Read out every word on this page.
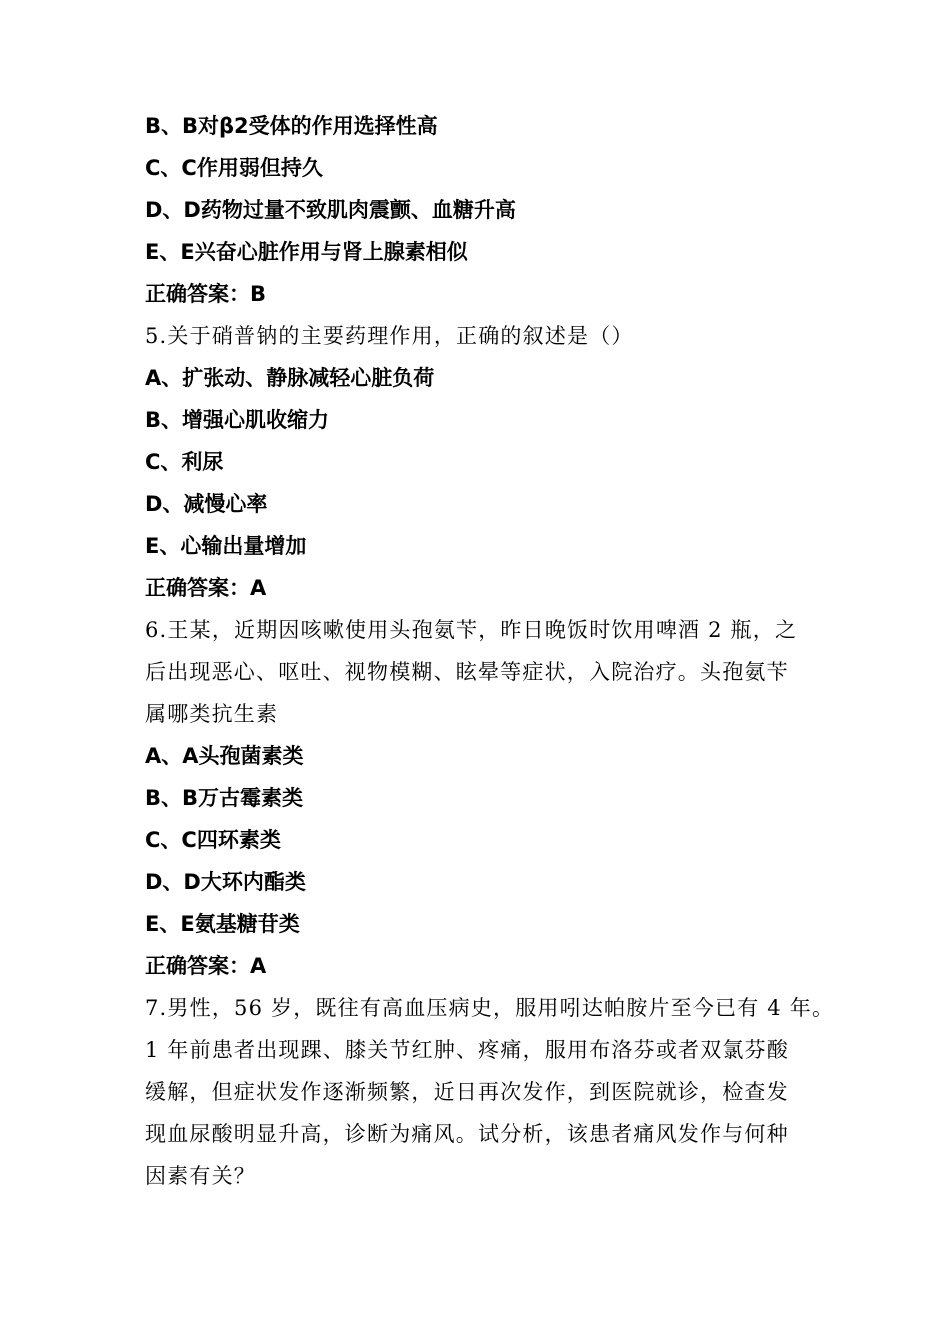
B、B对β2受体的作用选择性高
C、C作用弱但持久
D、D药物过量不致肌肉震颤、血糖升高
E、E兴奋心脏作用与肾上腺素相似
正确答案：B
5.关于硝普钠的主要药理作用，正确的叙述是（）
A、扩张动、静脉减轻心脏负荷
B、增强心肌收缩力
C、利尿
D、减慢心率
E、心输出量增加
正确答案：A
6.王某，近期因咳嗽使用头孢氨苄，昨日晚饭时饮用啤酒 2 瓶，之
后出现恶心、呕吐、视物模糊、眩晕等症状，入院治疗。头孢氨苄
属哪类抗生素
A、A头孢菌素类
B、B万古霉素类
C、C四环素类
D、D大环内酯类
E、E氨基糖苷类
正确答案：A
7.男性，56 岁，既往有高血压病史，服用吲达帕胺片至今已有 4 年。
1 年前患者出现踝、膝关节红肿、疼痛，服用布洛芬或者双氯芬酸
缓解，但症状发作逐渐频繁，近日再次发作，到医院就诊，检查发
现血尿酸明显升高，诊断为痛风。试分析，该患者痛风发作与何种
因素有关？
